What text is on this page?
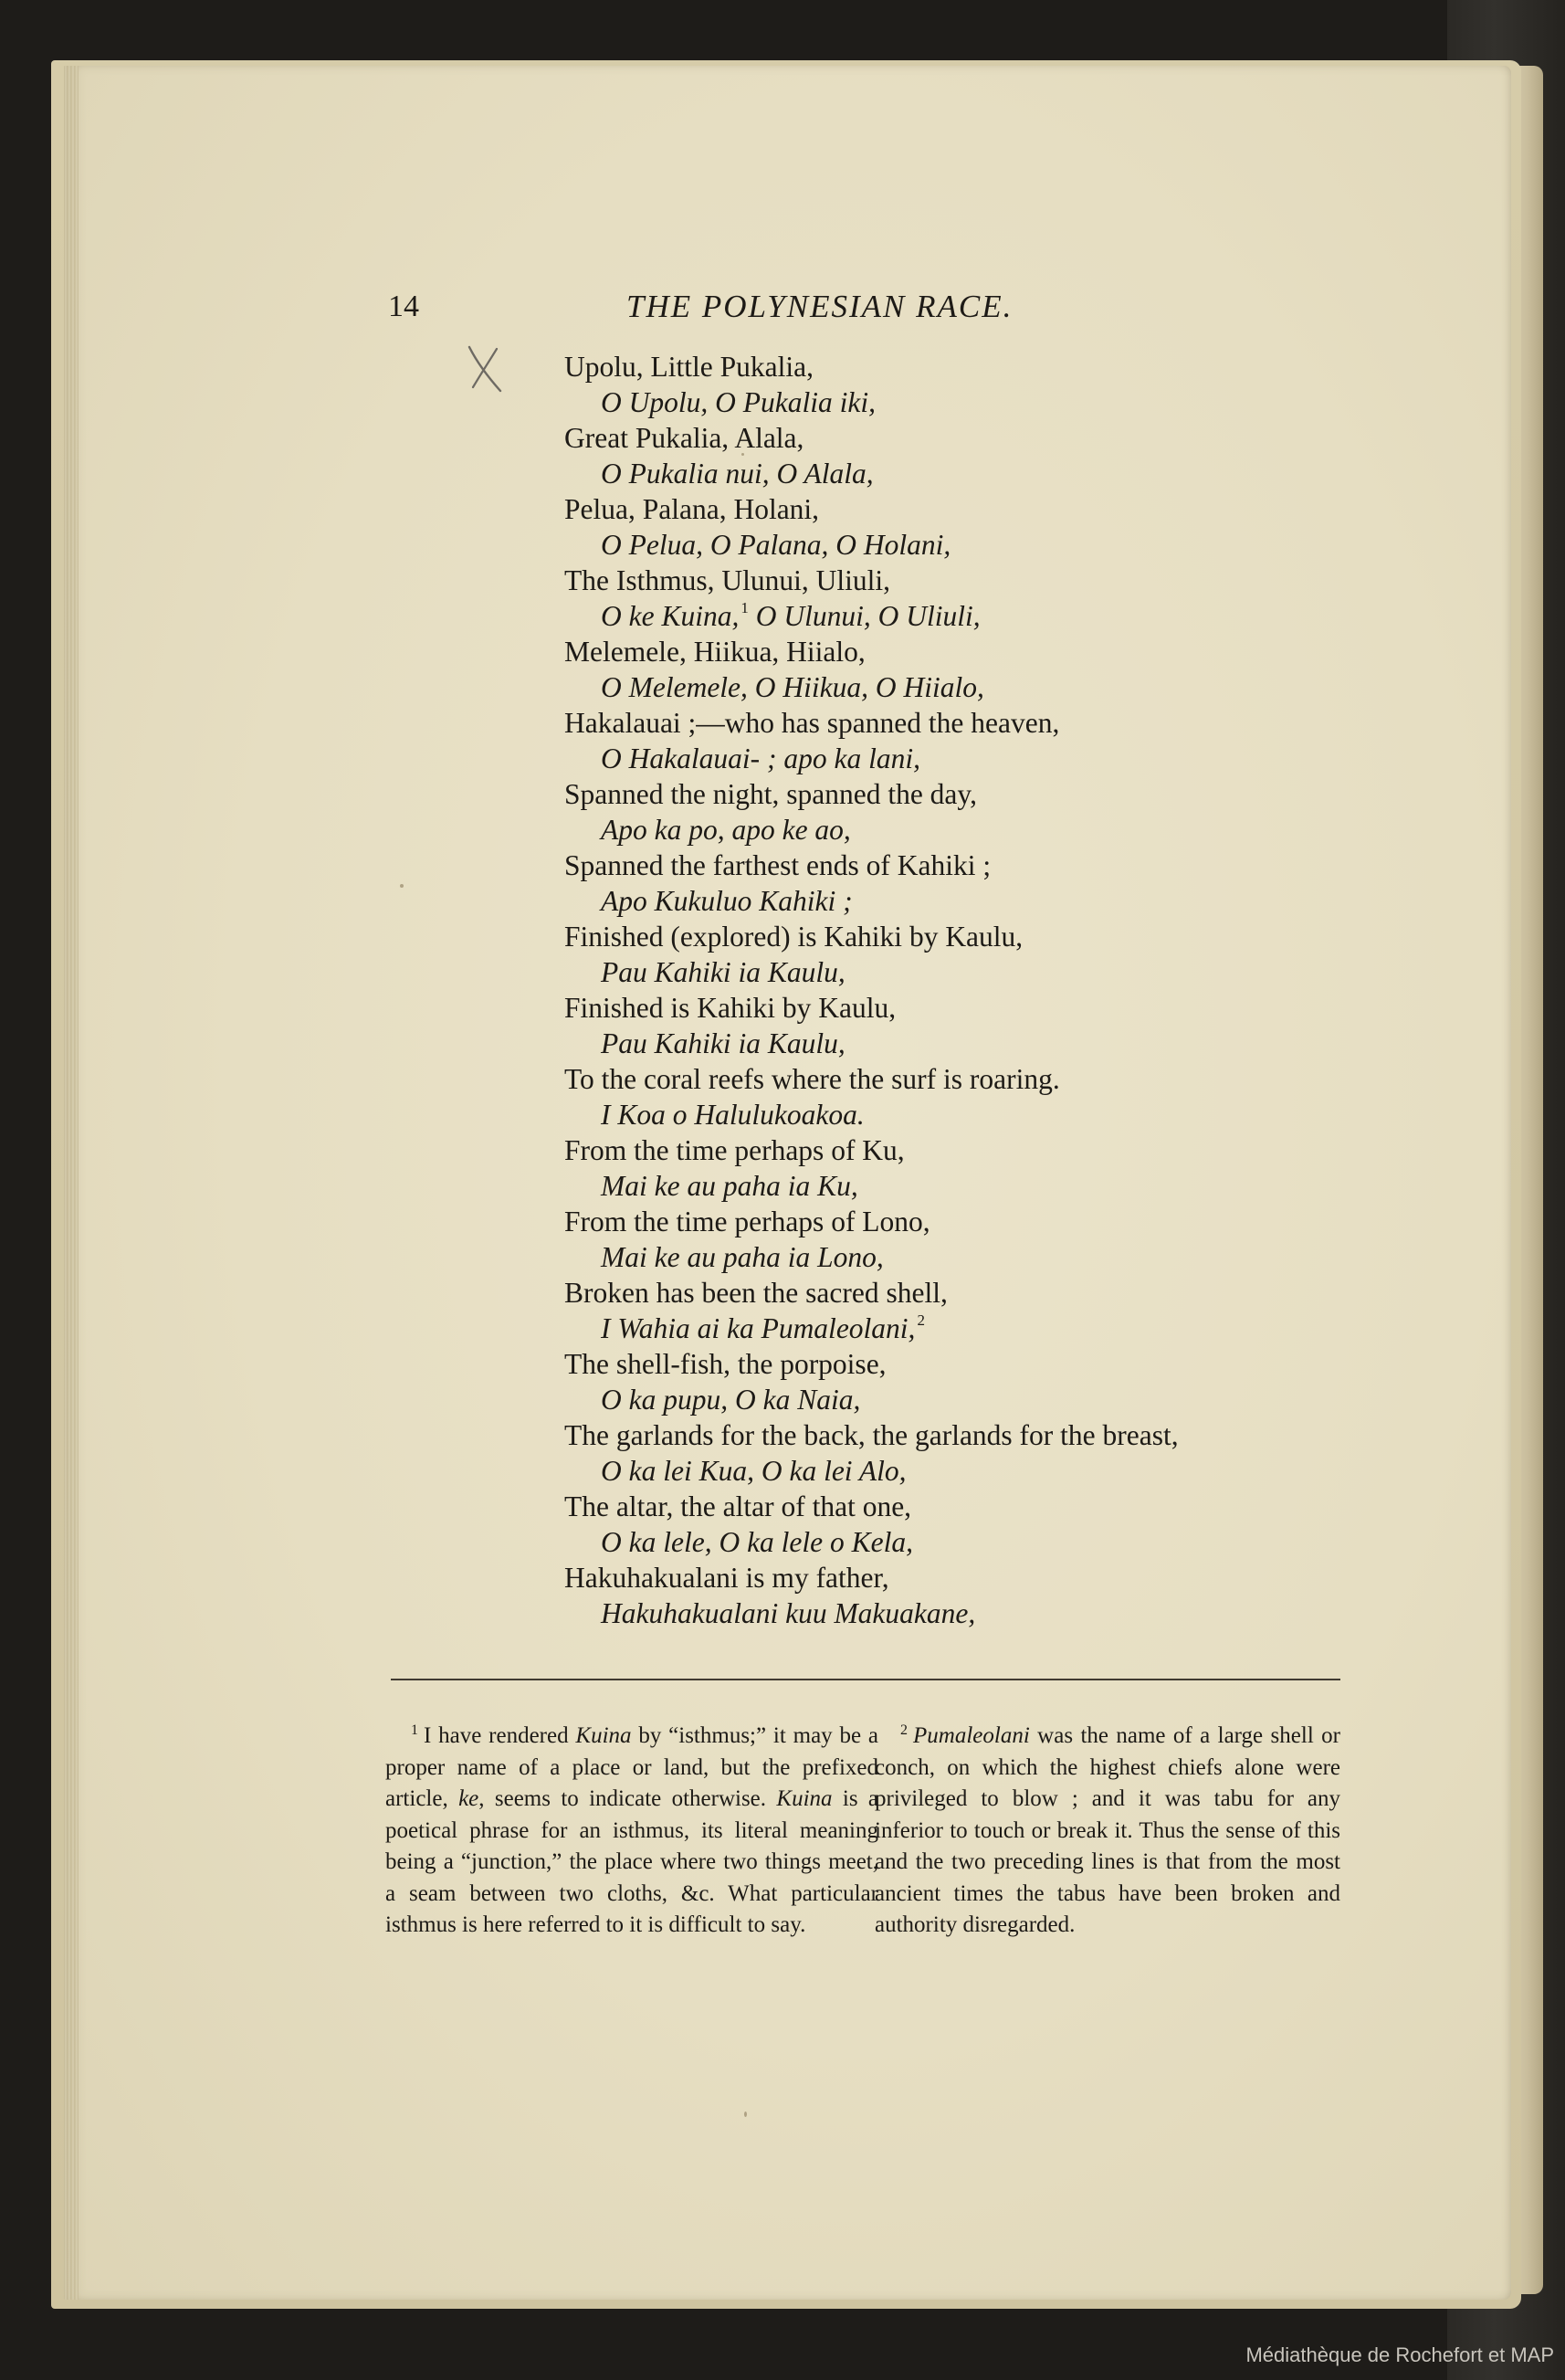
14	THE POLYNESIAN RACE.
Upolu, Little Pukalia,
O Upolu, O Pukalia iki,
Great Pukalia, Alala,
O Pukalia nui, O Alala,
Pelua, Palana, Holani,
O Pelua, O Palana, O Holani,
The Isthmus, Ulunui, Uliuli,
O ke Kuina, $^1$ O Ulunui, O Uliuli,
Melemele, Hiikua, Hiialo,
O Melemele, O Hiikua, O Hiialo,
Hakalauai ;—who has spanned the heaven,
O Hakalauai- ; apo ka lani,
Spanned the night, spanned the day,
Apo ka po, apo ke ao,
Spanned the farthest ends of Kahiki ;
Apo Kukuluo Kahiki ;
Finished (explored) is Kahiki by Kaulu,
Pau Kahiki ia Kaulu,
Finished is Kahiki by Kaulu,
Pau Kahiki ia Kaulu,
To the coral reefs where the surf is roaring.
I Koa o Halulukoakoa.
From the time perhaps of Ku,
Mai ke au paha ia Ku,
From the time perhaps of Lono,
Mai ke au paha ia Lono,
Broken has been the sacred shell,
I Wahia ai ka Pumaleolani, $^2$
The shell-fish, the porpoise,
O ka pupu, O ka Naia,
The garlands for the back, the garlands for the breast,
O ka lei Kua, O ka lei Alo,
The altar, the altar of that one,
O ka lele, O ka lele o Kela,
Hakuhakualani is my father,
Hakuhakualani kuu Makuakane,
$^1$ I have rendered Kuina by “isthmus;” it may be a proper name of a place or land, but the prefixed article, ke, seems to indicate otherwise. Kuina is a poetical phrase for an isthmus, its literal meaning being a “junction,” the place where two things meet, a seam between two cloths, &c. What particular isthmus is here referred to it is difficult to say.
$^2$ Pumaleolani was the name of a large shell or conch, on which the highest chiefs alone were privileged to blow ; and it was tabu for any inferior to touch or break it. Thus the sense of this and the two preceding lines is that from the most ancient times the tabus have been broken and authority disregarded.
Médiathèque de Rochefort et MAP
